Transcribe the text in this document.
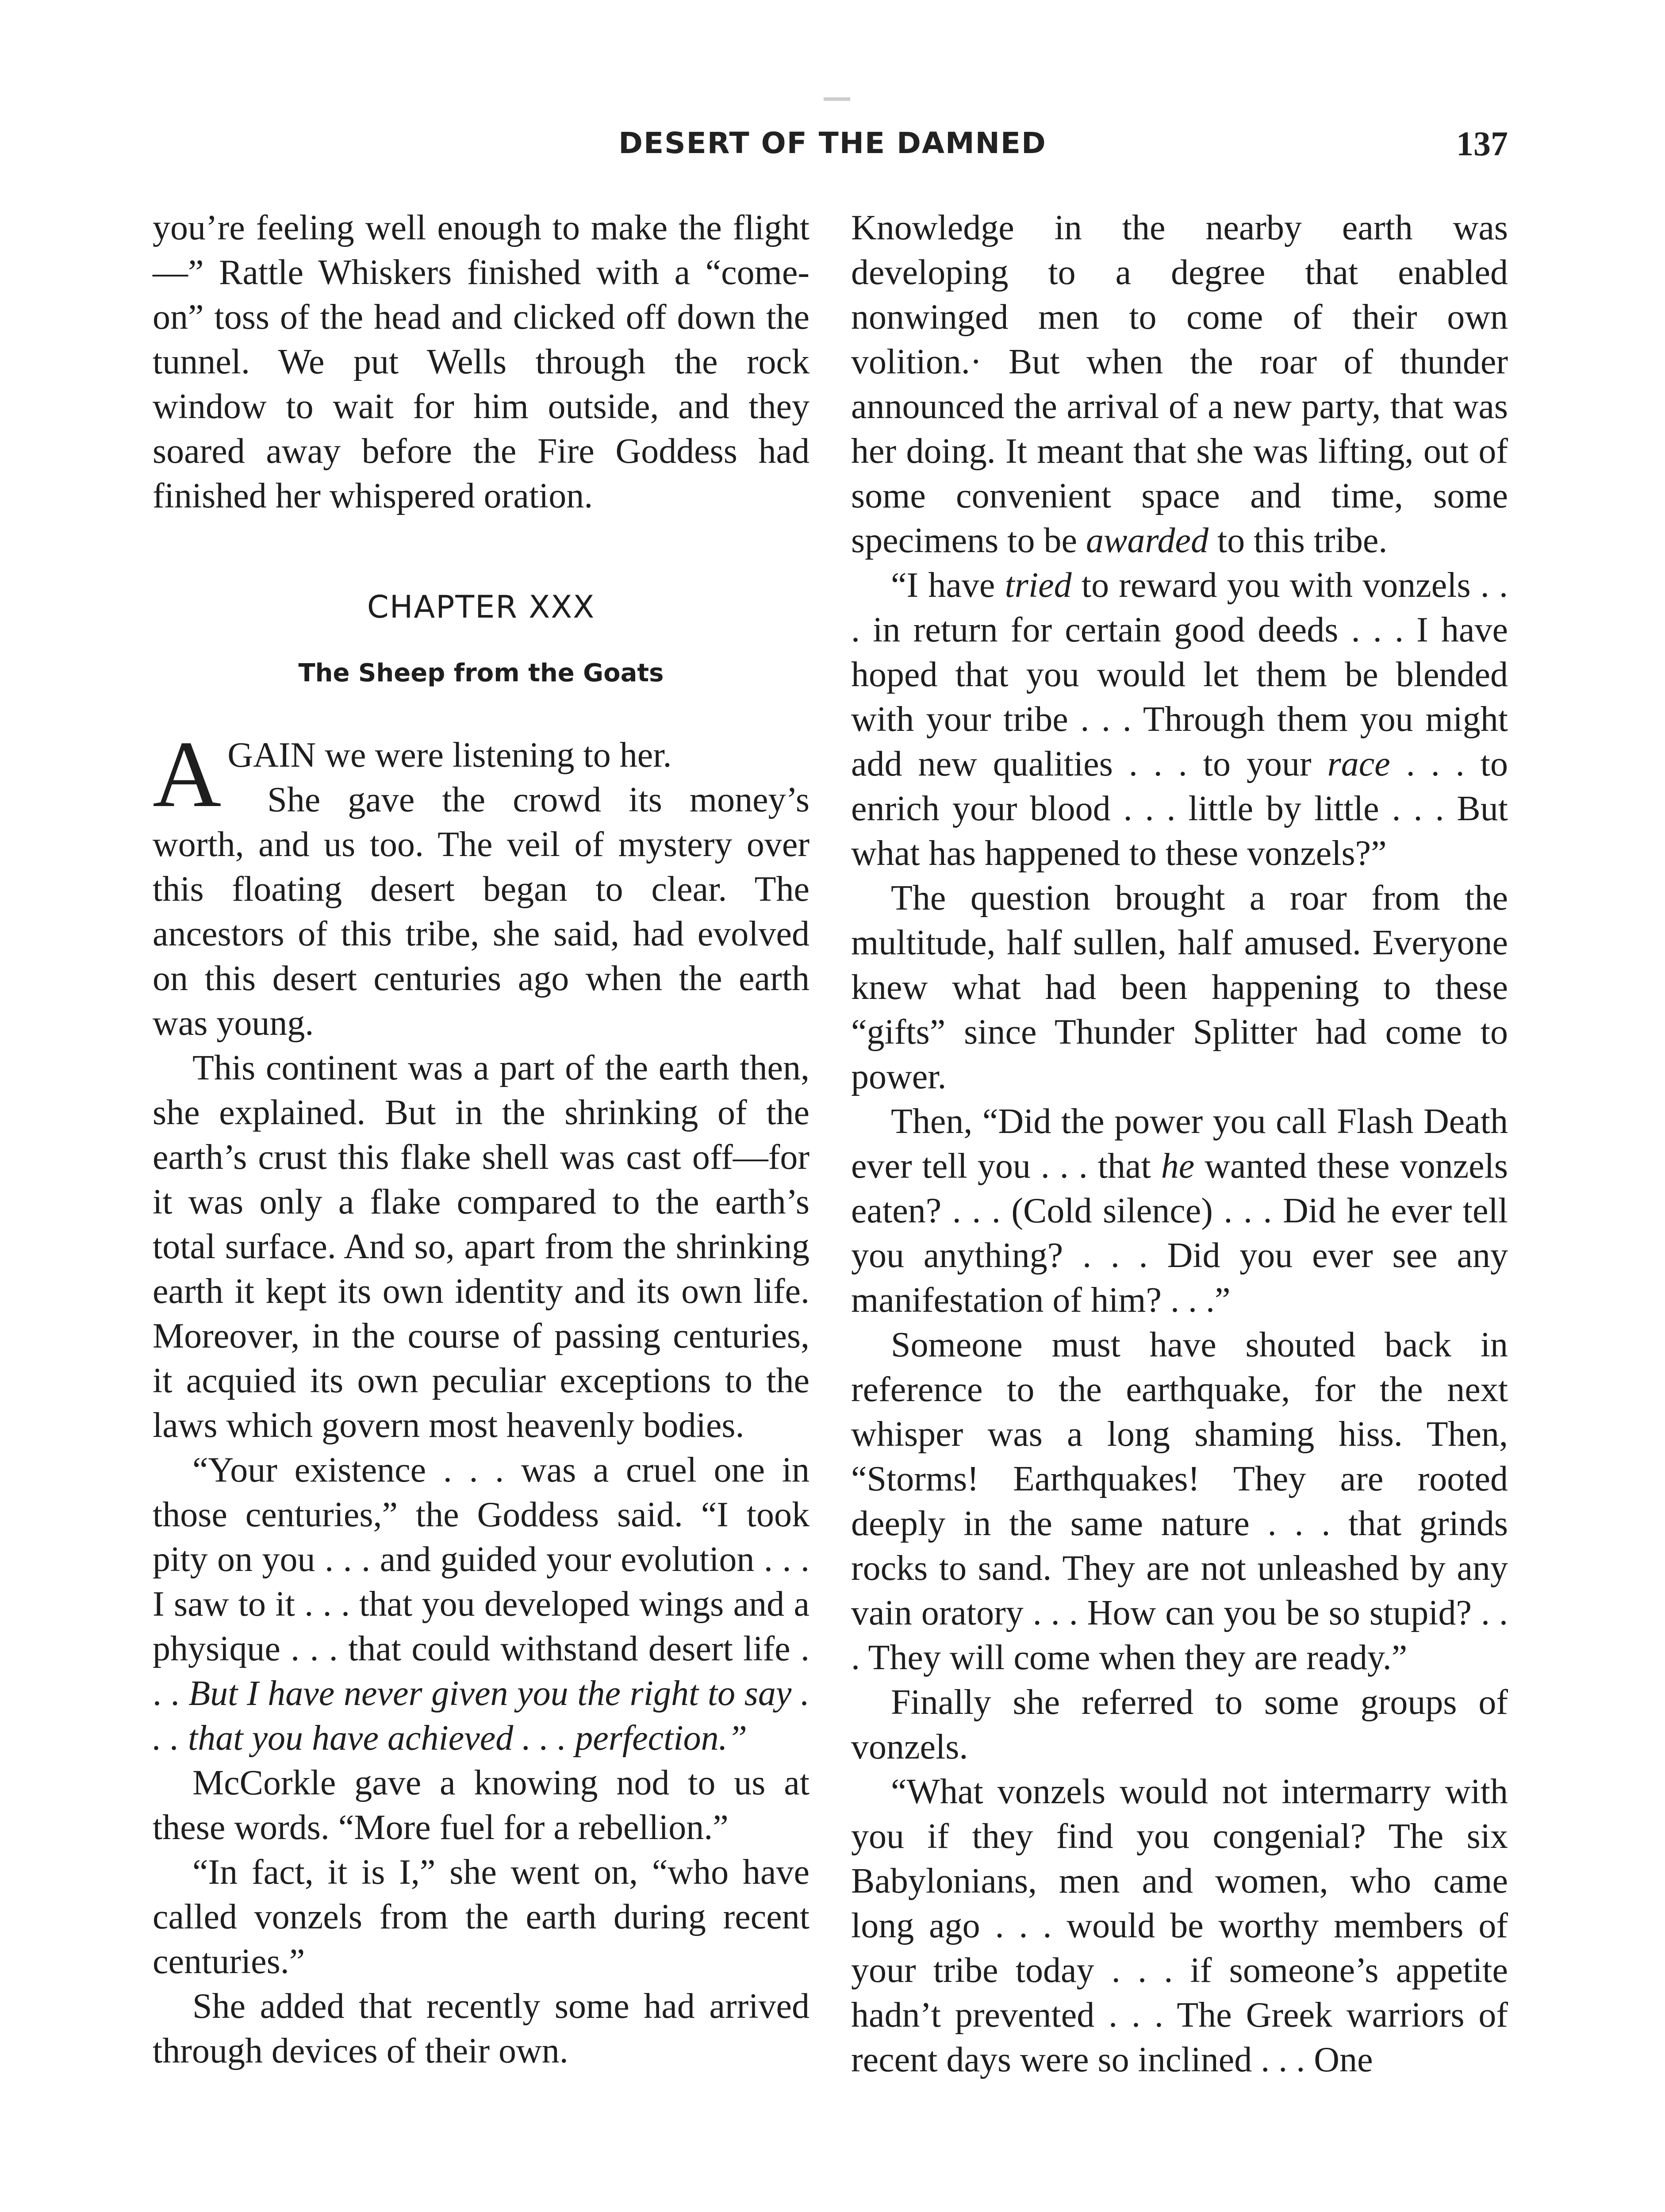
DESERT OF THE DAMNED	137

you’re feeling well enough to make the flight—” Rattle Whiskers finished with a “come-on” toss of the head and clicked off down the tunnel. We put Wells through the rock window to wait for him outside, and they soared away before the Fire Goddess had finished her whispered oration.

CHAPTER XXX
The Sheep from the Goats

AGAIN we were listening to her.
She gave the crowd its money’s worth, and us too. The veil of mystery over this floating desert began to clear. The ancestors of this tribe, she said, had evolved on this desert centuries ago when the earth was young.

This continent was a part of the earth then, she explained. But in the shrinking of the earth’s crust this flake shell was cast off—for it was only a flake compared to the earth’s total surface. And so, apart from the shrinking earth it kept its own identity and its own life. Moreover, in the course of passing centuries, it acquied its own peculiar exceptions to the laws which govern most heavenly bodies.

“Your existence . . . was a cruel one in those centuries,” the Goddess said. “I took pity on you . . . and guided your evolution . . . I saw to it . . . that you developed wings and a physique . . . that could withstand desert life . . . But I have never given you the right to say . . . that you have achieved . . . perfection.”

McCorkle gave a knowing nod to us at these words. “More fuel for a rebellion.”

“In fact, it is I,” she went on, “who have called vonzels from the earth during recent centuries.”

She added that recently some had arrived through devices of their own.

Knowledge in the nearby earth was developing to a degree that enabled nonwinged men to come of their own volition.· But when the roar of thunder announced the arrival of a new party, that was her doing. It meant that she was lifting, out of some convenient space and time, some specimens to be awarded to this tribe.

“I have tried to reward you with vonzels . . . in return for certain good deeds . . . I have hoped that you would let them be blended with your tribe . . . Through them you might add new qualities . . . to your race . . . to enrich your blood . . . little by little . . . But what has happened to these vonzels?”

The question brought a roar from the multitude, half sullen, half amused. Everyone knew what had been happening to these “gifts” since Thunder Splitter had come to power.

Then, “Did the power you call Flash Death ever tell you . . . that he wanted these vonzels eaten? . . . (Cold silence) . . . Did he ever tell you anything? . . . Did you ever see any manifestation of him? . . .”

Someone must have shouted back in reference to the earthquake, for the next whisper was a long shaming hiss. Then, “Storms! Earthquakes! They are rooted deeply in the same nature . . . that grinds rocks to sand. They are not unleashed by any vain oratory . . . How can you be so stupid? . . . They will come when they are ready.”

Finally she referred to some groups of vonzels.

“What vonzels would not intermarry with you if they find you congenial? The six Babylonians, men and women, who came long ago . . . would be worthy members of your tribe today . . . if someone’s appetite hadn’t prevented . . . The Greek warriors of recent days were so inclined . . . One
